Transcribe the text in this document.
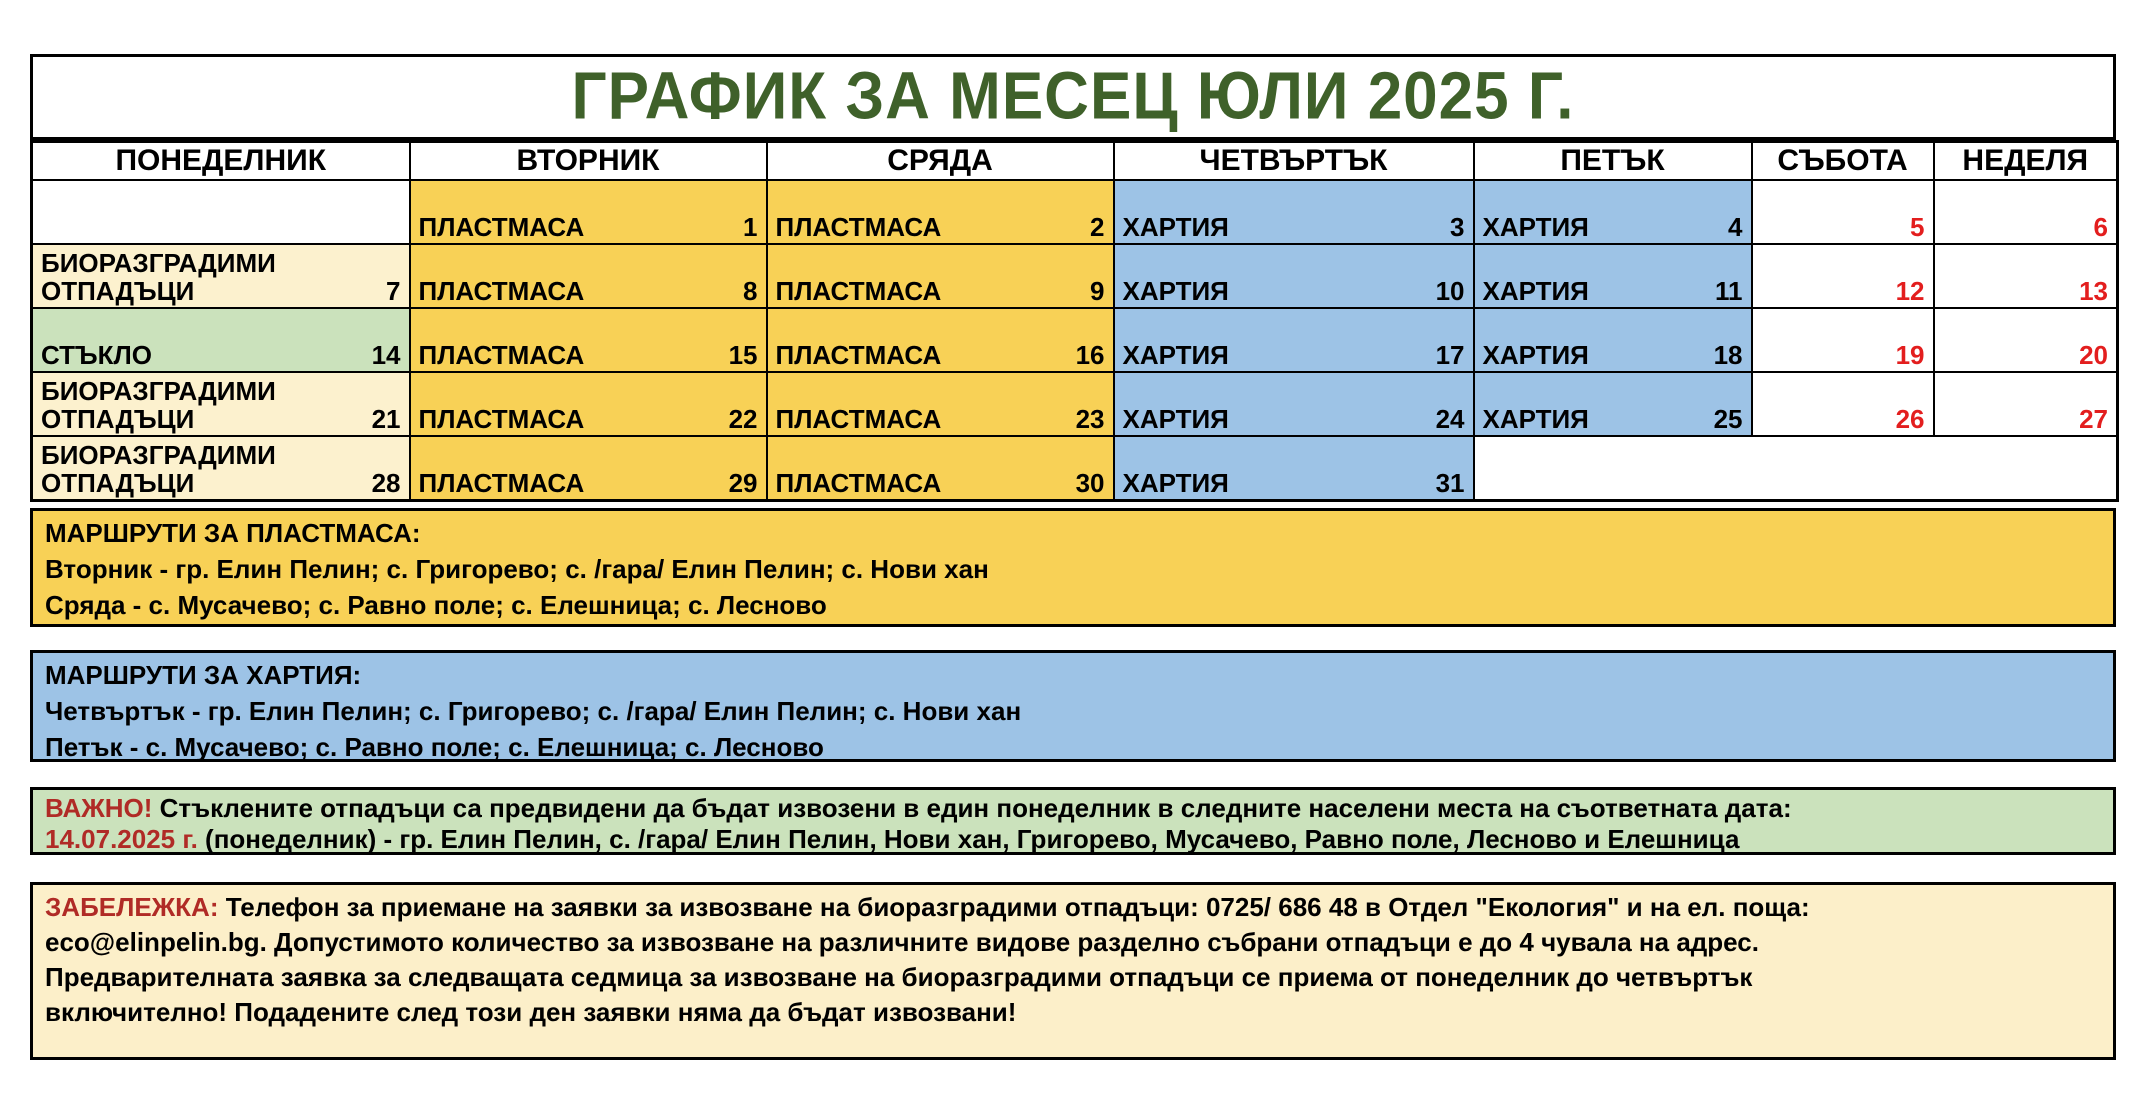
ГРАФИК ЗА МЕСЕЦ ЮЛИ 2025 Г.
ПОНЕДЕЛНИК	ВТОРНИК	СРЯДА	ЧЕТВЪРТЪК	ПЕТЪК	СЪБОТА	НЕДЕЛЯ

	ПЛАСТМАСА 1	ПЛАСТМАСА 2	ХАРТИЯ 3	ХАРТИЯ 4	5	6

БИОРАЗГРАДИМИ ОТПАДЪЦИ 7	ПЛАСТМАСА 8	ПЛАСТМАСА 9	ХАРТИЯ 10	ХАРТИЯ 11	12	13

СТЪКЛО 14	ПЛАСТМАСА 15	ПЛАСТМАСА 16	ХАРТИЯ 17	ХАРТИЯ 18	19	20

БИОРАЗГРАДИМИ ОТПАДЪЦИ 21	ПЛАСТМАСА 22	ПЛАСТМАСА 23	ХАРТИЯ 24	ХАРТИЯ 25	26	27

БИОРАЗГРАДИМИ ОТПАДЪЦИ 28	ПЛАСТМАСА 29	ПЛАСТМАСА 30	ХАРТИЯ 31			

МАРШРУТИ ЗА ПЛАСТМАСА:
Вторник - гр. Елин Пелин; с. Григорево; с. /гара/ Елин Пелин; с. Нови хан
Сряда - с. Мусачево; с. Равно поле; с. Елешница; с. Лесново
МАРШРУТИ ЗА ХАРТИЯ:
Четвъртък - гр. Елин Пелин; с. Григорево; с. /гара/ Елин Пелин; с. Нови хан
Петък - с. Мусачево; с. Равно поле; с. Елешница; с. Лесново
ВАЖНО! Стъклените отпадъци са предвидени да бъдат извозени в един понеделник в следните населени места на съответната дата:
14.07.2025 г. (понеделник) - гр. Елин Пелин, с. /гара/ Елин Пелин, Нови хан, Григорево, Мусачево, Равно поле, Лесново и Елешница
ЗАБЕЛЕЖКА: Телефон за приемане на заявки за извозване на биоразградими отпадъци: 0725/ 686 48 в Отдел "Екология" и на ел. поща:
eco@elinpelin.bg. Допустимото количество за извозване на различните видове разделно събрани отпадъци е до 4 чувала на адрес.
Предварителната заявка за следващата седмица за извозване на биоразградими отпадъци се приема от понеделник до четвъртък
включително! Подадените след този ден заявки няма да бъдат извозвани!
